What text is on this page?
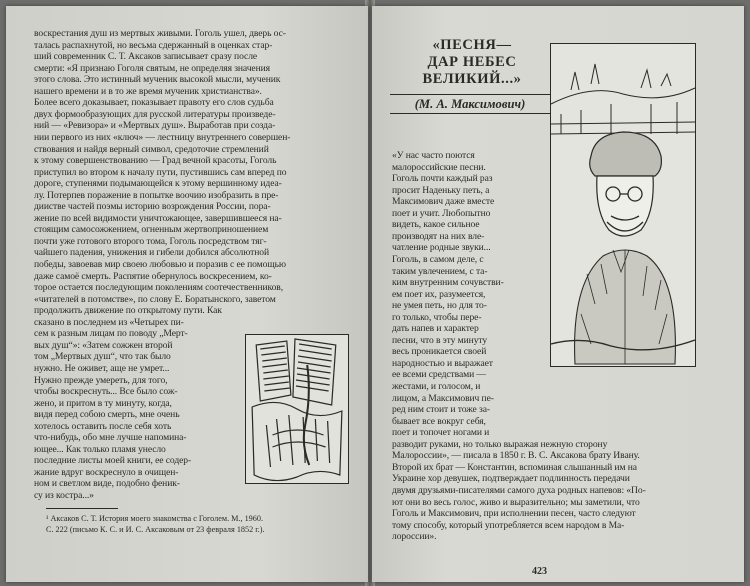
воскрестания душ из мертвых живыми. Гоголь ушел, дверь ос-
талась распахнутой, но весьма сдержанный в оценках стар-
ший современник С. Т. Аксаков записывает сразу после
смерти: «Я признаю Гоголя святым, не определяя значения
этого слова. Это истинный мученик высокой мысли, мученик
нашего времени и в то же время мученик христианства».
Более всего доказывает, показывает правоту его слов судьба
двух формообразующих для русской литературы произведе-
ний — «Ревизора» и «Мертвых душ». Выработав при созда-
нии первого из них «ключ» — лестницу внутреннего совершен-
ствования и найдя верный символ, средоточие стремлений
к этому совершенствованию — Град вечной красоты, Гоголь
приступил во втором к началу пути, пустившись сам вперед по
дороге, ступенями подымающейся к этому вершинному идеа-
лу. Потерпев поражение в попытке воочию изобразить в пре-
диистве частей поэмы историю возрождения России, пора-
жение по всей видимости уничтожающее, завершившееся на-
стоящим самосожжением, огненным жертвоприношением
почти уже готового второго тома, Гоголь посредством тяг-
чайшего падения, унижения и гибели добился абсолютной
победы, завоевав мир своею любовью и поразив с ее помощью
даже самоё смерть. Распятие обернулось воскресением, ко-
торое остается последующим поколениям соотечественников,
«читателей в потомстве», по слову Е. Боратынского, заветом
продолжить движение по открытому пути. Как
сказано в последнем из «Четырех пи-
сем к разным лицам по поводу „Мерт-
вых душ“»: «Затем сожжен второй
том „Мертвых душ“, что так было
нужно. Не оживет, аще не умрет...
Нужно прежде умереть, для того,
чтобы воскреснуть... Все было сож-
жено, и притом в ту минуту, когда,
видя перед собою смерть, мне очень
хотелось оставить после себя хоть
что-нибудь, обо мне лучше напомина-
ющее... Как только пламя унесло
последние листы моей книги, ее содер-
жание вдруг воскреснуло в очищен-
ном и светлом виде, подобно феник-
су из костра...»
¹ Аксаков С. Т. История моего знакомства с Гоголем. М., 1960.
С. 222 (письмо К. С. и И. С. Аксаковым от 23 февраля 1852 г.).
«ПЕСНЯ—
ДАР НЕБЕС
ВЕЛИКИЙ...»
(М. А. Максимович)
«У нас часто поются
малороссийские песни.
Гоголь почти каждый раз
просит Наденьку петь, а
Максимович даже вместе
поет и учит. Любопытно
видеть, какое сильное
производят на них вле-
чатление родные звуки...
Гоголь, в самом деле, с
таким увлечением, с та-
ким внутренним сочувстви-
ем поет их, разумеется,
не умея петь, но для то-
го только, чтобы пере-
дать напев и характер
песни, что в эту минуту
весь проникается своей
народностью и выражает
ее всеми средствами —
жестами, и голосом, и
лицом, а Максимович пе-
ред ним стоит и тоже за-
бывает все вокруг себя,
поет и топочет ногами и
разводит руками, но только выражая нежную сторону
Малороссии», — писала в 1850 г. В. С. Аксакова брату Ивану.
Второй их брат — Константин, вспоминая слышанный им на
Украине хор девушек, подтверждает подлинность передачи
двумя друзьями-писателями самого духа родных напевов: «По-
ют они во весь голос, живо и выразительно; мы заметили, что
Гоголь и Максимович, при исполнении песен, часто следуют
тому способу, который употребляется всем народом в Ма-
лороссии».
423
